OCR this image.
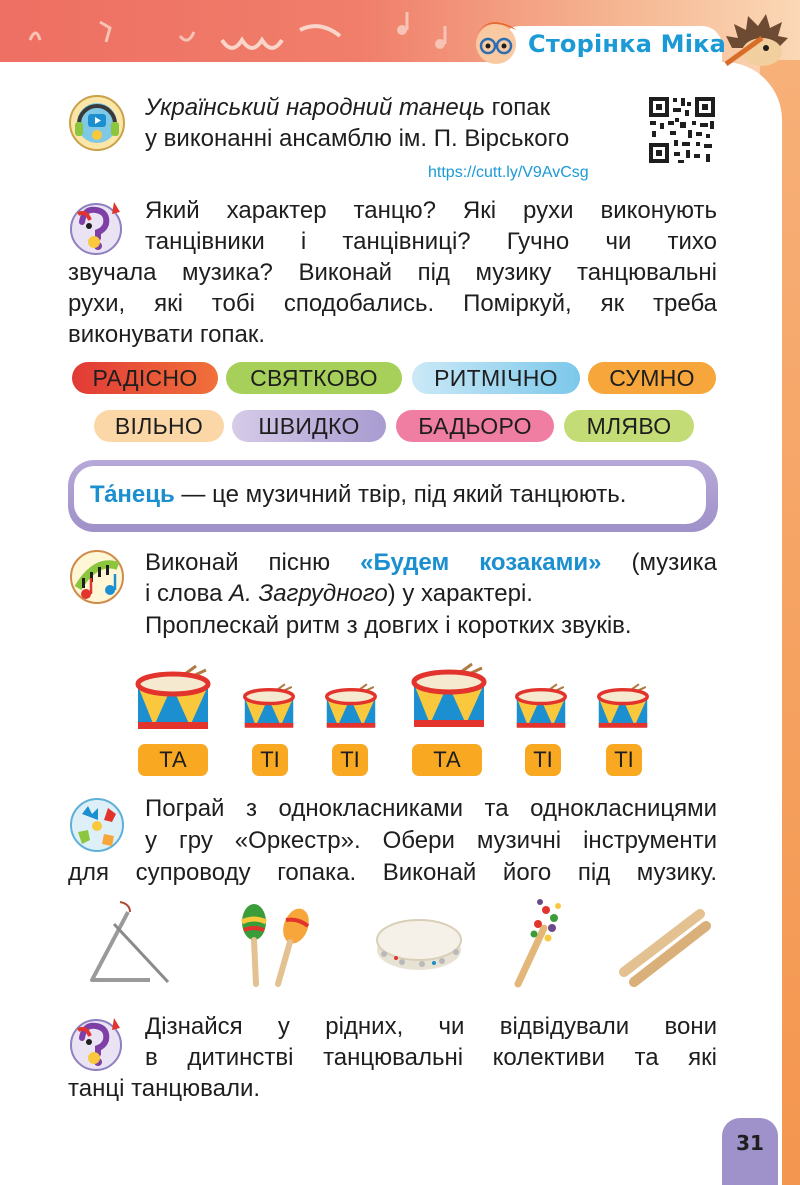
Сторінка Міка
Український народний танець гопак
у виконанні ансамблю ім. П. Вірського
https://cutt.ly/V9AvCsg
Який характер танцю? Які рухи виконують
танцівники і танцівниці? Гучно чи тихо
звучала музика? Виконай під музику танцювальні
рухи, які тобі сподобались. Поміркуй, як треба
виконувати гопак.
РАДІСНО	СВЯТКОВО	РИТМІЧНО	СУМНО
ВІЛЬНО	ШВИДКО	БАДЬОРО	МЛЯВО
Та́нець — це музичний твір, під який танцюють.
Виконай пісню «Будем козаками» (музика
і слова А. Загрудного) у характері.
Проплескай ритм з довгих і коротких звуків.
ТА	ТІ	ТІ	ТА	ТІ	ТІ
Пограй з однокласниками та однокласницями
у гру «Оркестр». Обери музичні інструменти
для супроводу гопака. Виконай його під музику.
Дізнайся у рідних, чи відвідували вони
в дитинстві танцювальні колективи та які
танці танцювали.
31
